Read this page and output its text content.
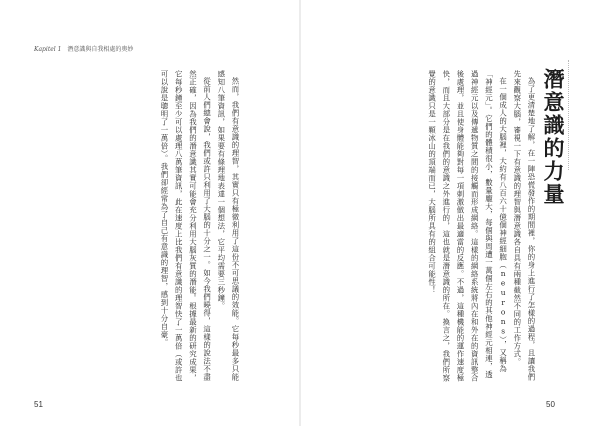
Kapitel 1 潛意識與自我相處的奧妙

然而，我們有意識的理智，其實只有極微利用了這份不可思議的效能。它每秒最多只能感知八筆資訊，如果要有條理地表達一個想法，它平均需要三秒鐘。

從前人們總會說，我們或許只利用了大腦的十分之一。如今我們曉得，這樣的說法不盡然正確，因為我們的潛意識其實可能會充分利用大腦灰質的潛能。根據最新的研究成果，它每秒鐘至少可以處理八萬筆資訊，此在速度上比我們有意識的理智快了一萬倍（或許也可以說是聰明了一萬倍）。我們卻經常為了自己有意識的理智，感到十分自豪。

51
潛意識的力量

為了更清楚地了解，在一陣恐慌發作的期間裡，你的身上進行了怎樣的過程，且讓我們先來觀察大腦，審視一下有意識的理智與潛意識各自具有兩種截然不同的工作方式。

在一個成人的大腦裡，大約有八百六十億個神經細胞（neurons），又稱為「神經元」。它們的體積很小，數量龐大，每個與周遭一萬個左右的其他神經元相連，透過神經元以及傳遞物質之間的接觸而形成網絡。這樣的網絡系統將內在和外在的資訊整合後處理，並且使身體能夠對每一項刺激做出最適當的反應。不過，這種機能的運作速度極快，而且大部分是在我們的意識之外進行的，這也就是潛意識的所在。換言之，我們所察覺的意識只是一顆冰山的頂端而已，大腦所具有的組合可能性！

50
